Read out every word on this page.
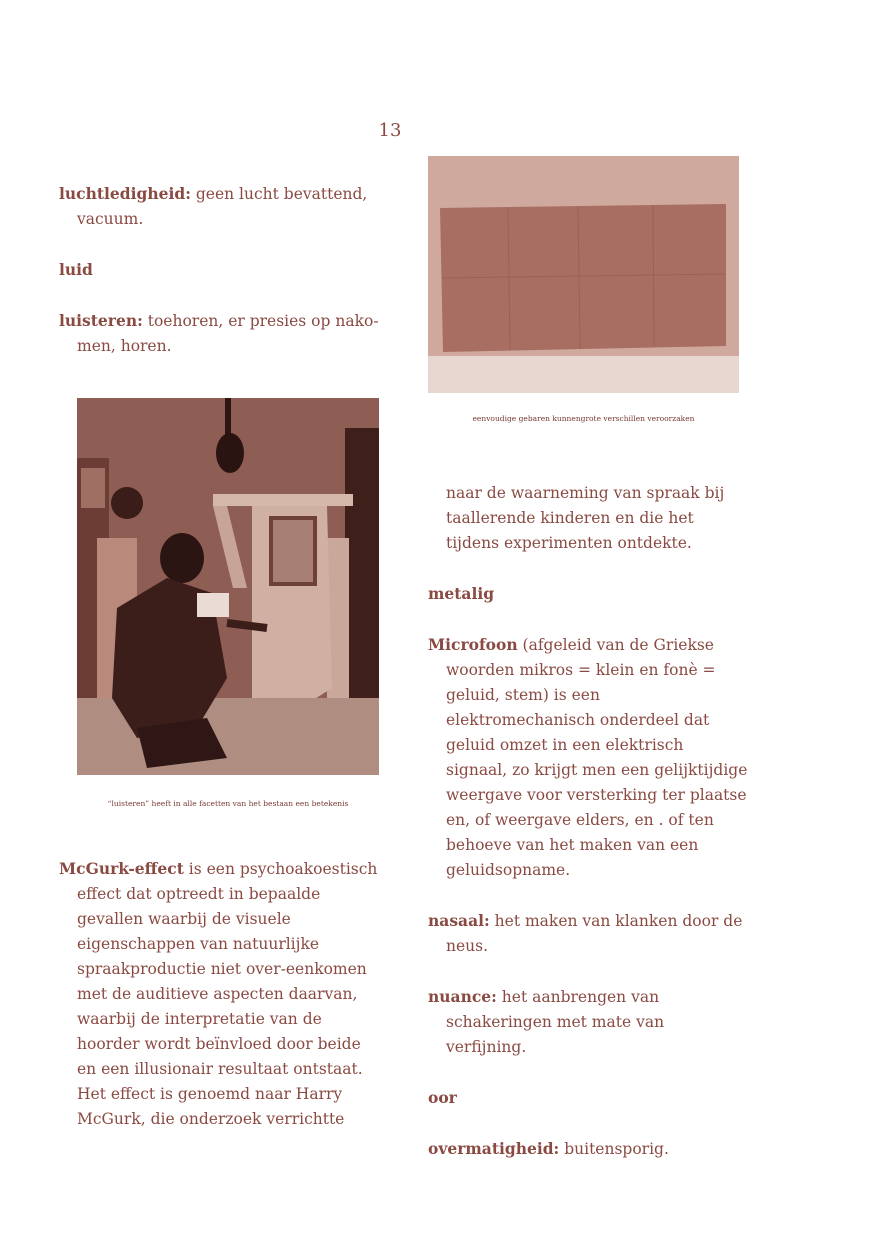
13

luchtledigheid: geen lucht bevattend, vacuum.

luid

luisteren: toehoren, er presies op nako-men, horen.

“luisteren” heeft in alle facetten van het bestaan een betekenis

McGurk-effect is een psychoakoestisch effect dat optreedt in bepaalde gevallen waarbij de visuele eigenschappen van natuurlijke spraakproductie niet over-eenkomen met de auditieve aspecten daarvan, waarbij de interpretatie van de hoorder wordt beïnvloed door beide en een illusionair resultaat ontstaat. Het effect is genoemd naar Harry McGurk, die onderzoek verrichtte

eenvoudige gebaren kunnengrote verschillen veroorzaken

naar de waarneming van spraak bij taallerende kinderen en die het tijdens experimenten ontdekte.

metalig

Microfoon (afgeleid van de Griekse woorden mikros = klein en fonè = geluid, stem) is een elektromechanisch onderdeel dat geluid omzet in een elektrisch signaal, zo krijgt men een gelijktijdige weergave voor versterking ter plaatse en, of weergave elders, en . of ten behoeve van het maken van een geluidsopname.

nasaal: het maken van klanken door de neus.

nuance: het aanbrengen van schakeringen met mate van verfijning.

oor

overmatigheid: buitensporig.
